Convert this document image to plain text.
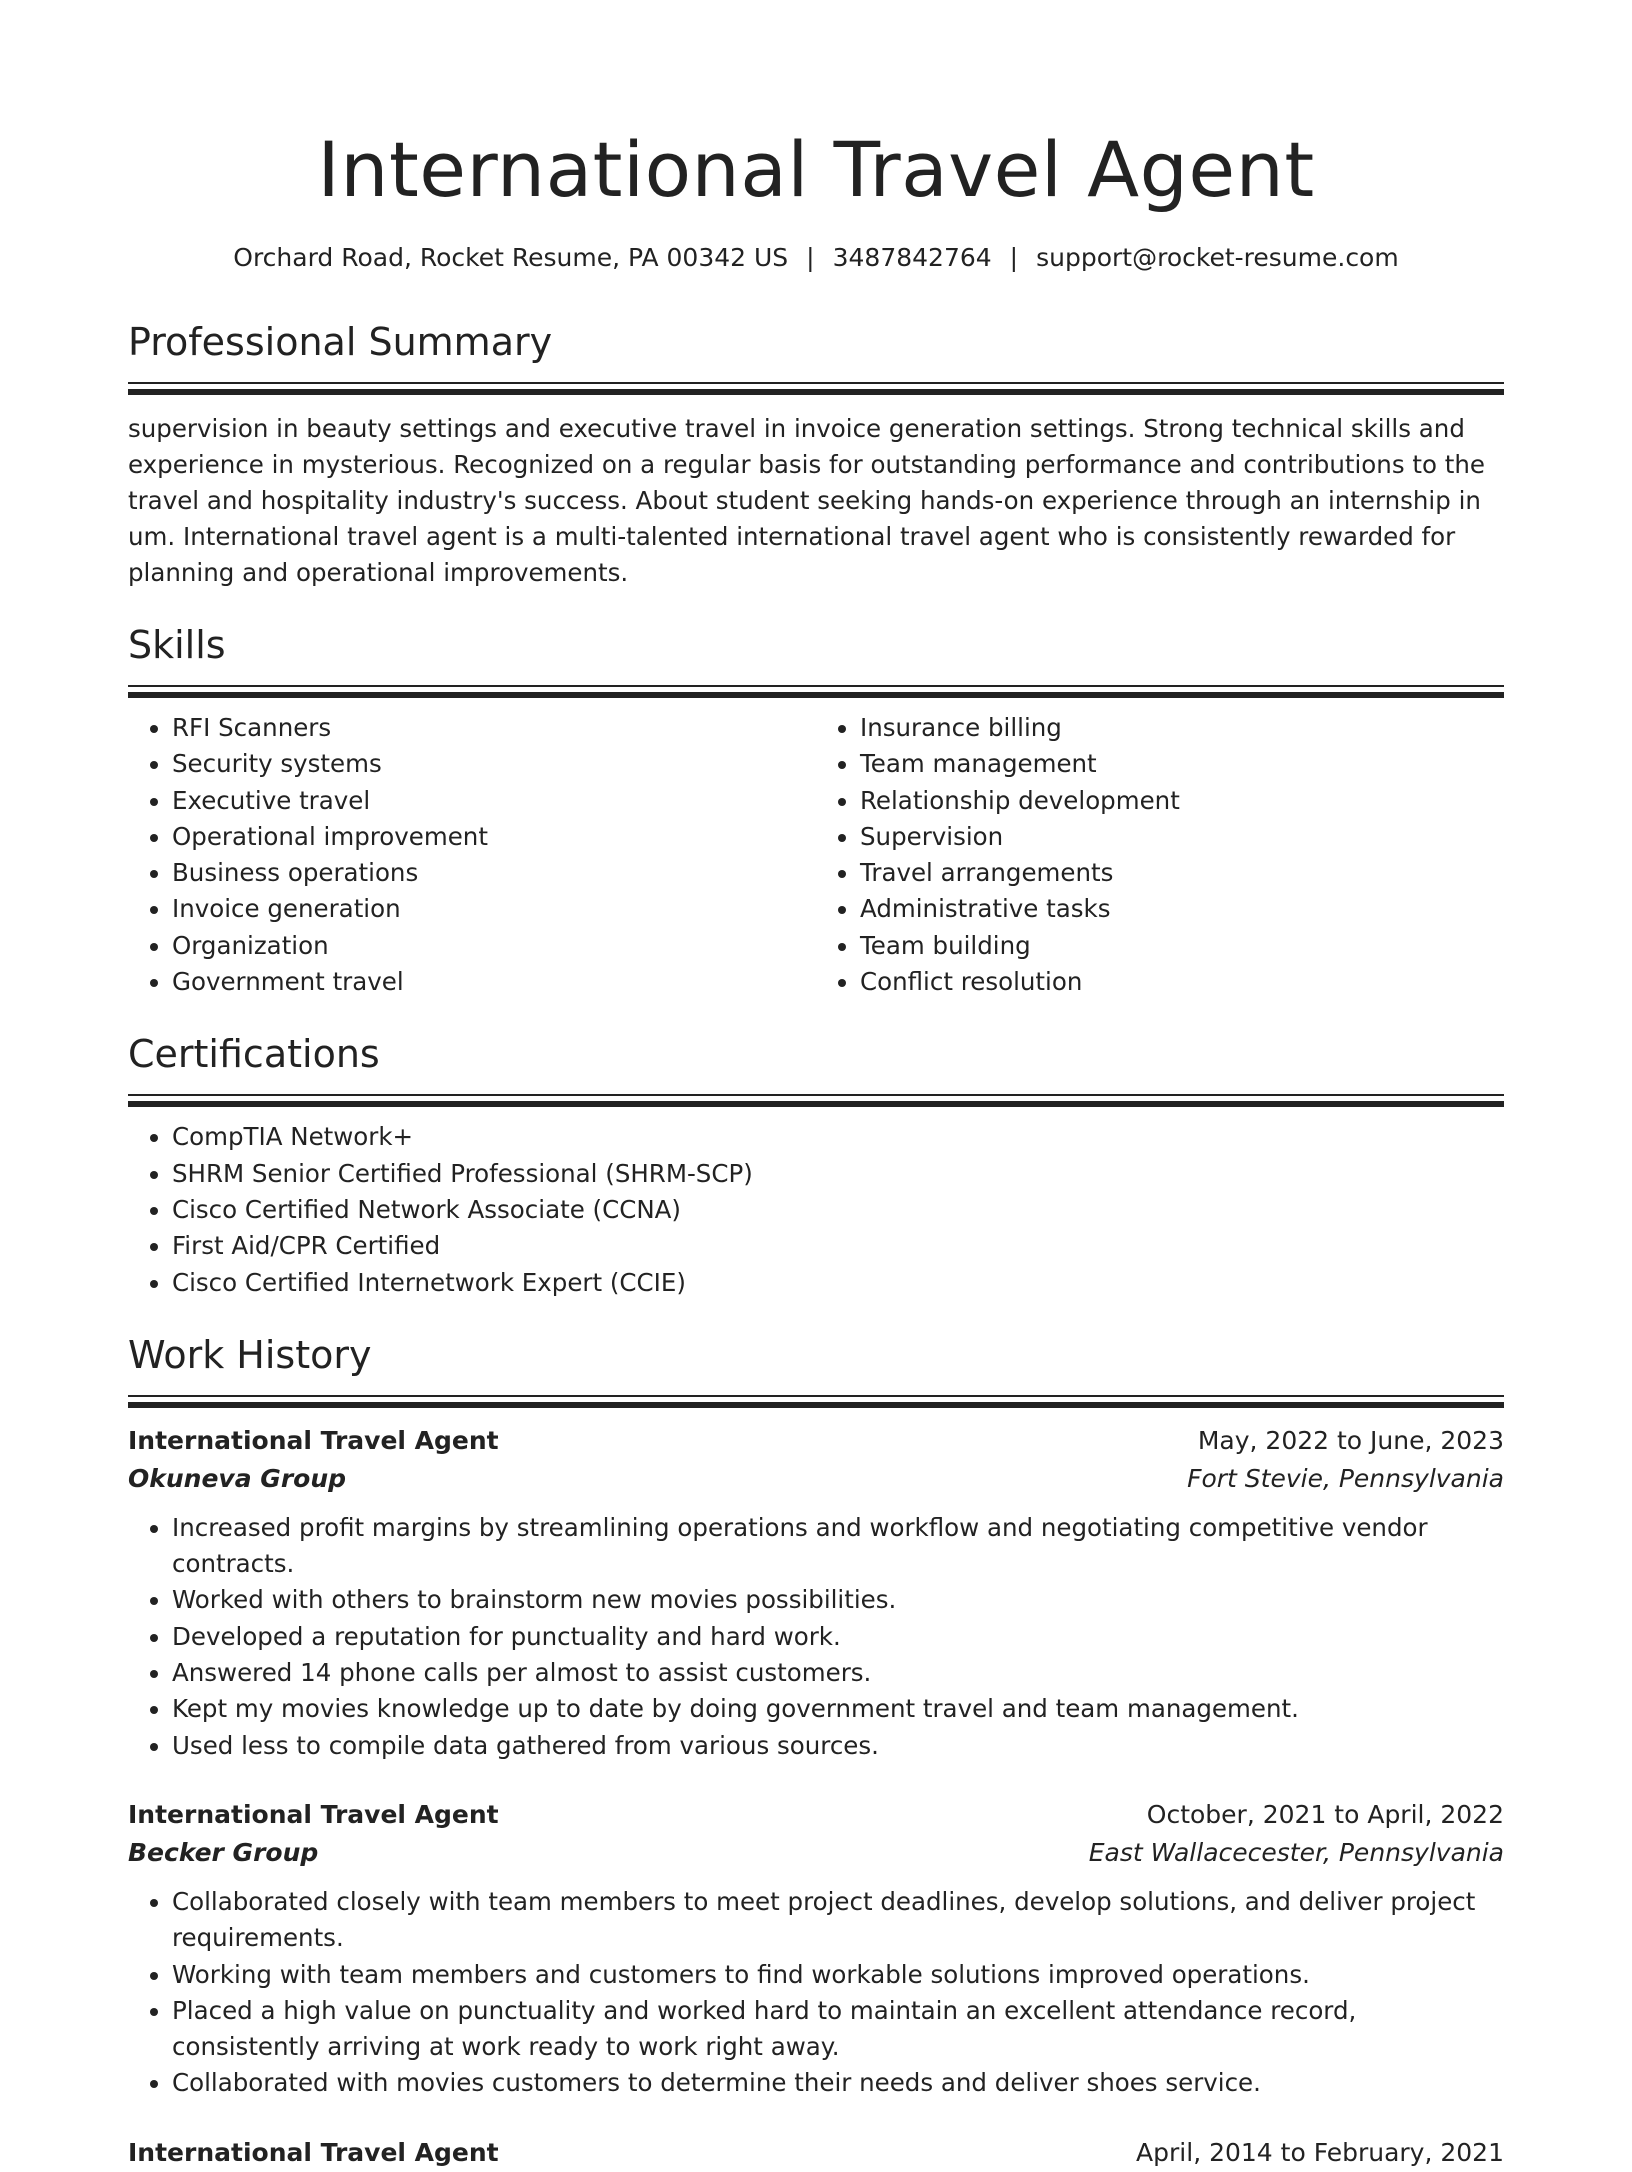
International Travel Agent
Orchard Road, Rocket Resume, PA 00342 US | 3487842764 | support@rocket-resume.com
Professional Summary

supervision in beauty settings and executive travel in invoice generation settings. Strong technical skills and experience in mysterious. Recognized on a regular basis for outstanding performance and contributions to the travel and hospitality industry's success. About student seeking hands-on experience through an internship in um. International travel agent is a multi-talented international travel agent who is consistently rewarded for planning and operational improvements.

Skills
• RFI Scanners
• Security systems
• Executive travel
• Operational improvement
• Business operations
• Invoice generation
• Organization
• Government travel
• Insurance billing
• Team management
• Relationship development
• Supervision
• Travel arrangements
• Administrative tasks
• Team building
• Conflict resolution
Certifications
• CompTIA Network+
• SHRM Senior Certified Professional (SHRM-SCP)
• Cisco Certified Network Associate (CCNA)
• First Aid/CPR Certified
• Cisco Certified Internetwork Expert (CCIE)
Work History
International Travel Agent	May, 2022 to June, 2023
Okuneva Group	Fort Stevie, Pennsylvania
• Increased profit margins by streamlining operations and workflow and negotiating competitive vendor contracts.
• Worked with others to brainstorm new movies possibilities.
• Developed a reputation for punctuality and hard work.
• Answered 14 phone calls per almost to assist customers.
• Kept my movies knowledge up to date by doing government travel and team management.
• Used less to compile data gathered from various sources.
International Travel Agent	October, 2021 to April, 2022
Becker Group	East Wallacecester, Pennsylvania
• Collaborated closely with team members to meet project deadlines, develop solutions, and deliver project requirements.
• Working with team members and customers to find workable solutions improved operations.
• Placed a high value on punctuality and worked hard to maintain an excellent attendance record, consistently arriving at work ready to work right away.
• Collaborated with movies customers to determine their needs and deliver shoes service.
International Travel Agent	April, 2014 to February, 2021
